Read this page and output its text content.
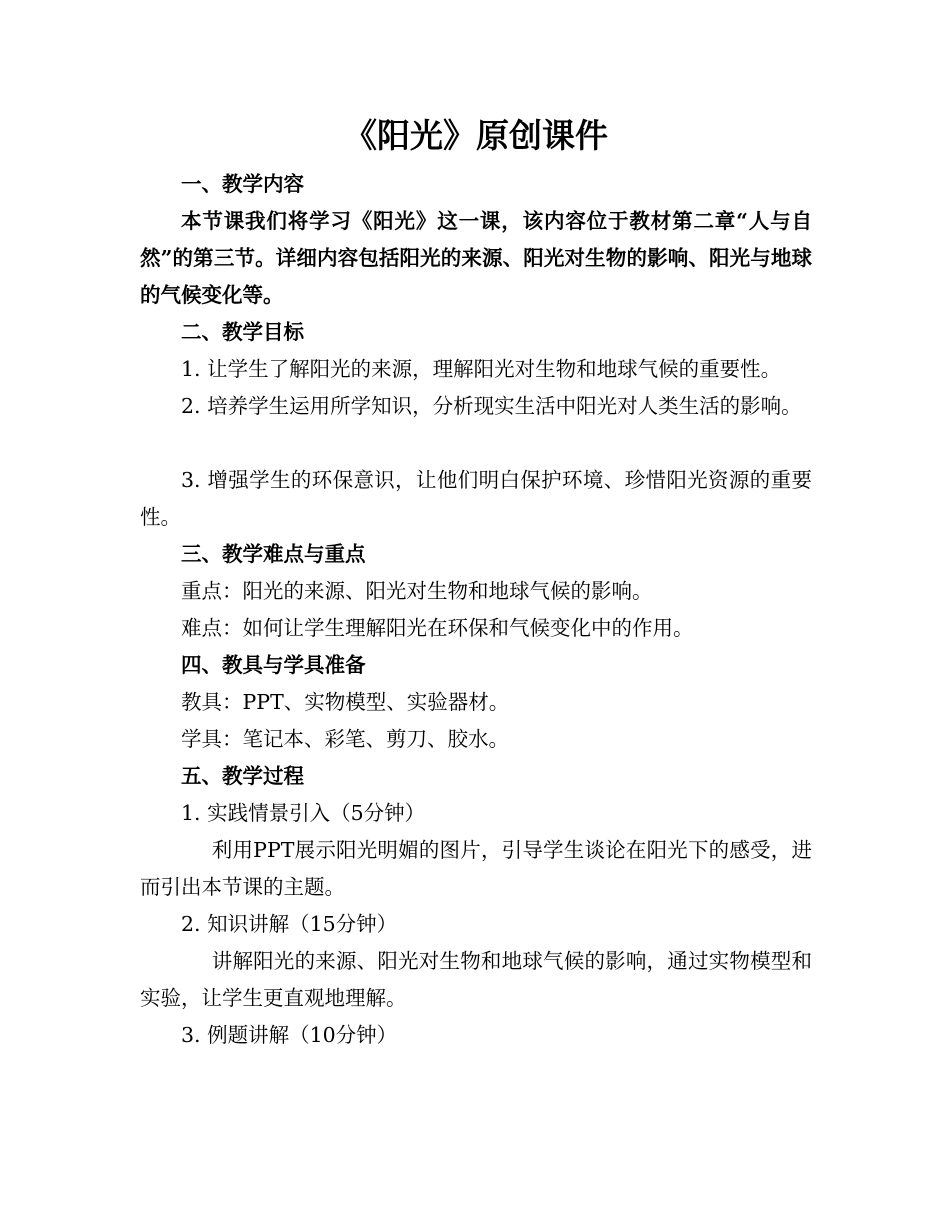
《阳光》原创课件
一、教学内容
本节课我们将学习《阳光》这一课，该内容位于教材第二章“人与自然”的第三节。详细内容包括阳光的来源、阳光对生物的影响、阳光与地球的气候变化等。
二、教学目标
1. 让学生了解阳光的来源，理解阳光对生物和地球气候的重要性。
2. 培养学生运用所学知识，分析现实生活中阳光对人类生活的影响。
3. 增强学生的环保意识，让他们明白保护环境、珍惜阳光资源的重要性。
三、教学难点与重点
重点：阳光的来源、阳光对生物和地球气候的影响。
难点：如何让学生理解阳光在环保和气候变化中的作用。
四、教具与学具准备
教具：PPT、实物模型、实验器材。
学具：笔记本、彩笔、剪刀、胶水。
五、教学过程
1. 实践情景引入（5分钟）
利用PPT展示阳光明媚的图片，引导学生谈论在阳光下的感受，进而引出本节课的主题。
2. 知识讲解（15分钟）
讲解阳光的来源、阳光对生物和地球气候的影响，通过实物模型和实验，让学生更直观地理解。
3. 例题讲解（10分钟）
